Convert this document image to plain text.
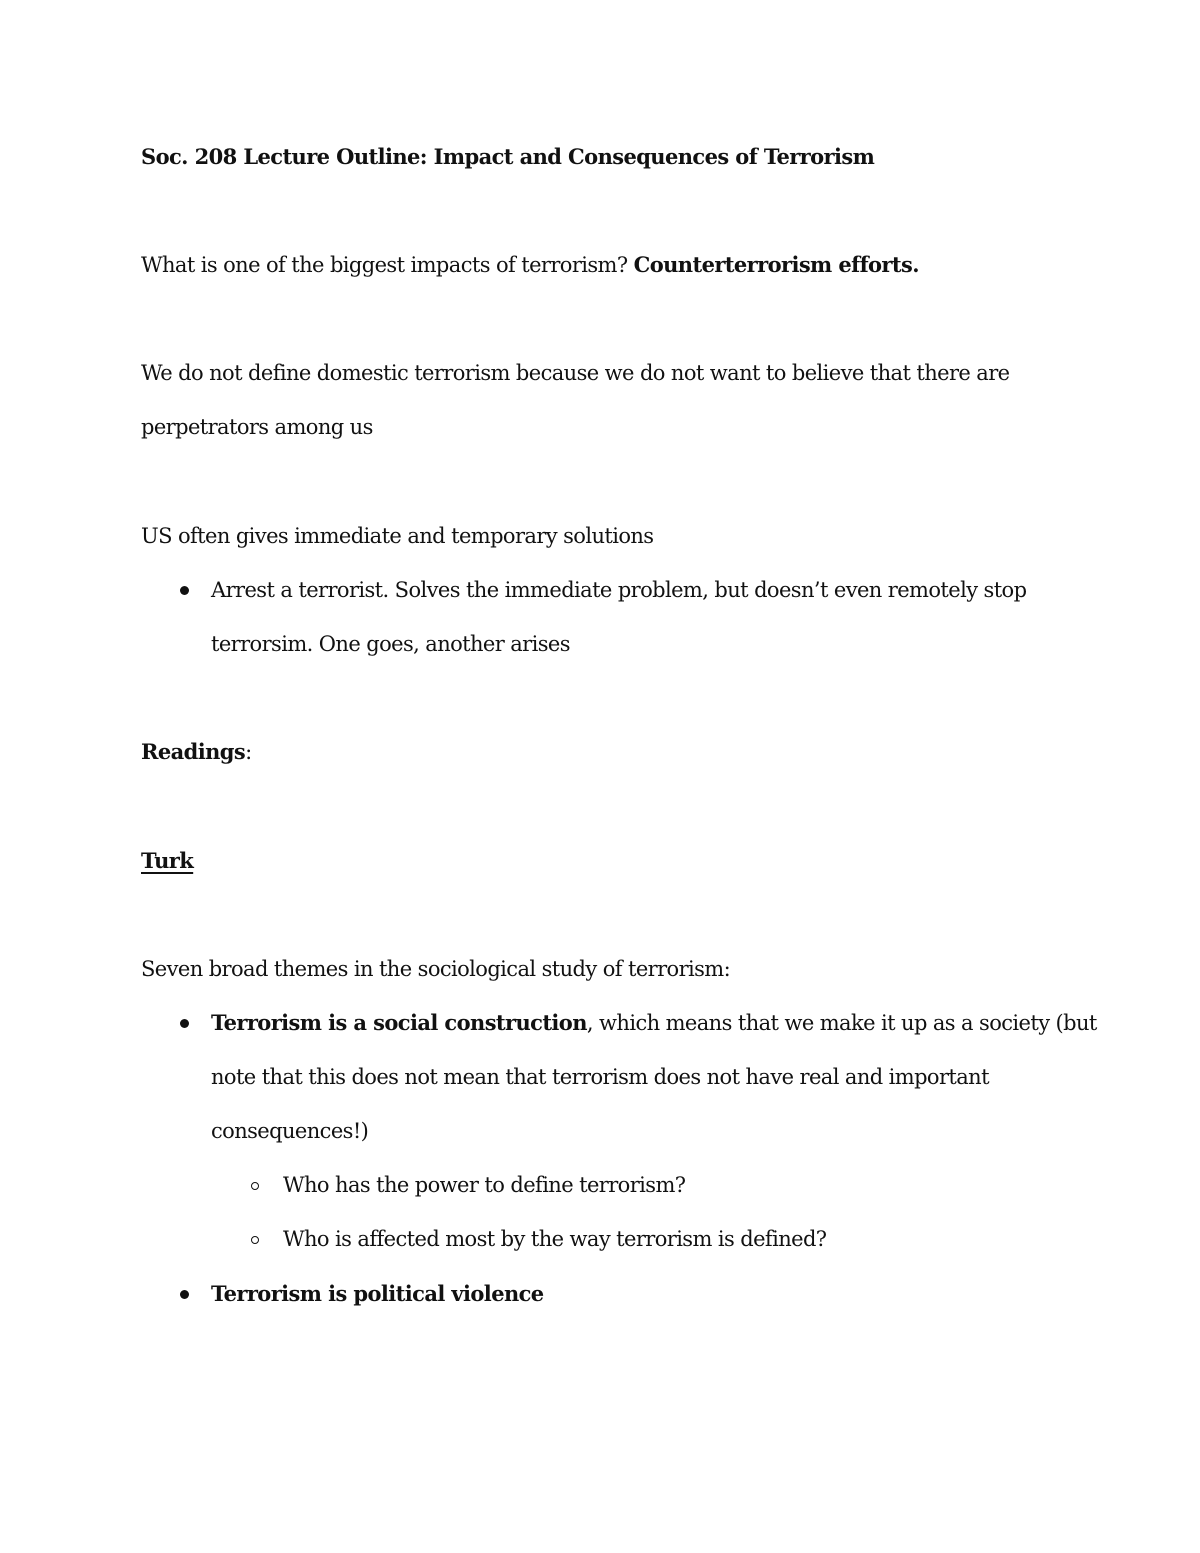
Soc. 208 Lecture Outline: Impact and Consequences of Terrorism
What is one of the biggest impacts of terrorism? Counterterrorism efforts.
We do not define domestic terrorism because we do not want to believe that there are
perpetrators among us
US often gives immediate and temporary solutions
Arrest a terrorist. Solves the immediate problem, but doesn’t even remotely stop
terrorsim. One goes, another arises
Readings:
Turk
Seven broad themes in the sociological study of terrorism:
Terrorism is a social construction, which means that we make it up as a society (but
note that this does not mean that terrorism does not have real and important
consequences!)
Who has the power to define terrorism?
Who is affected most by the way terrorism is defined?
Terrorism is political violence
